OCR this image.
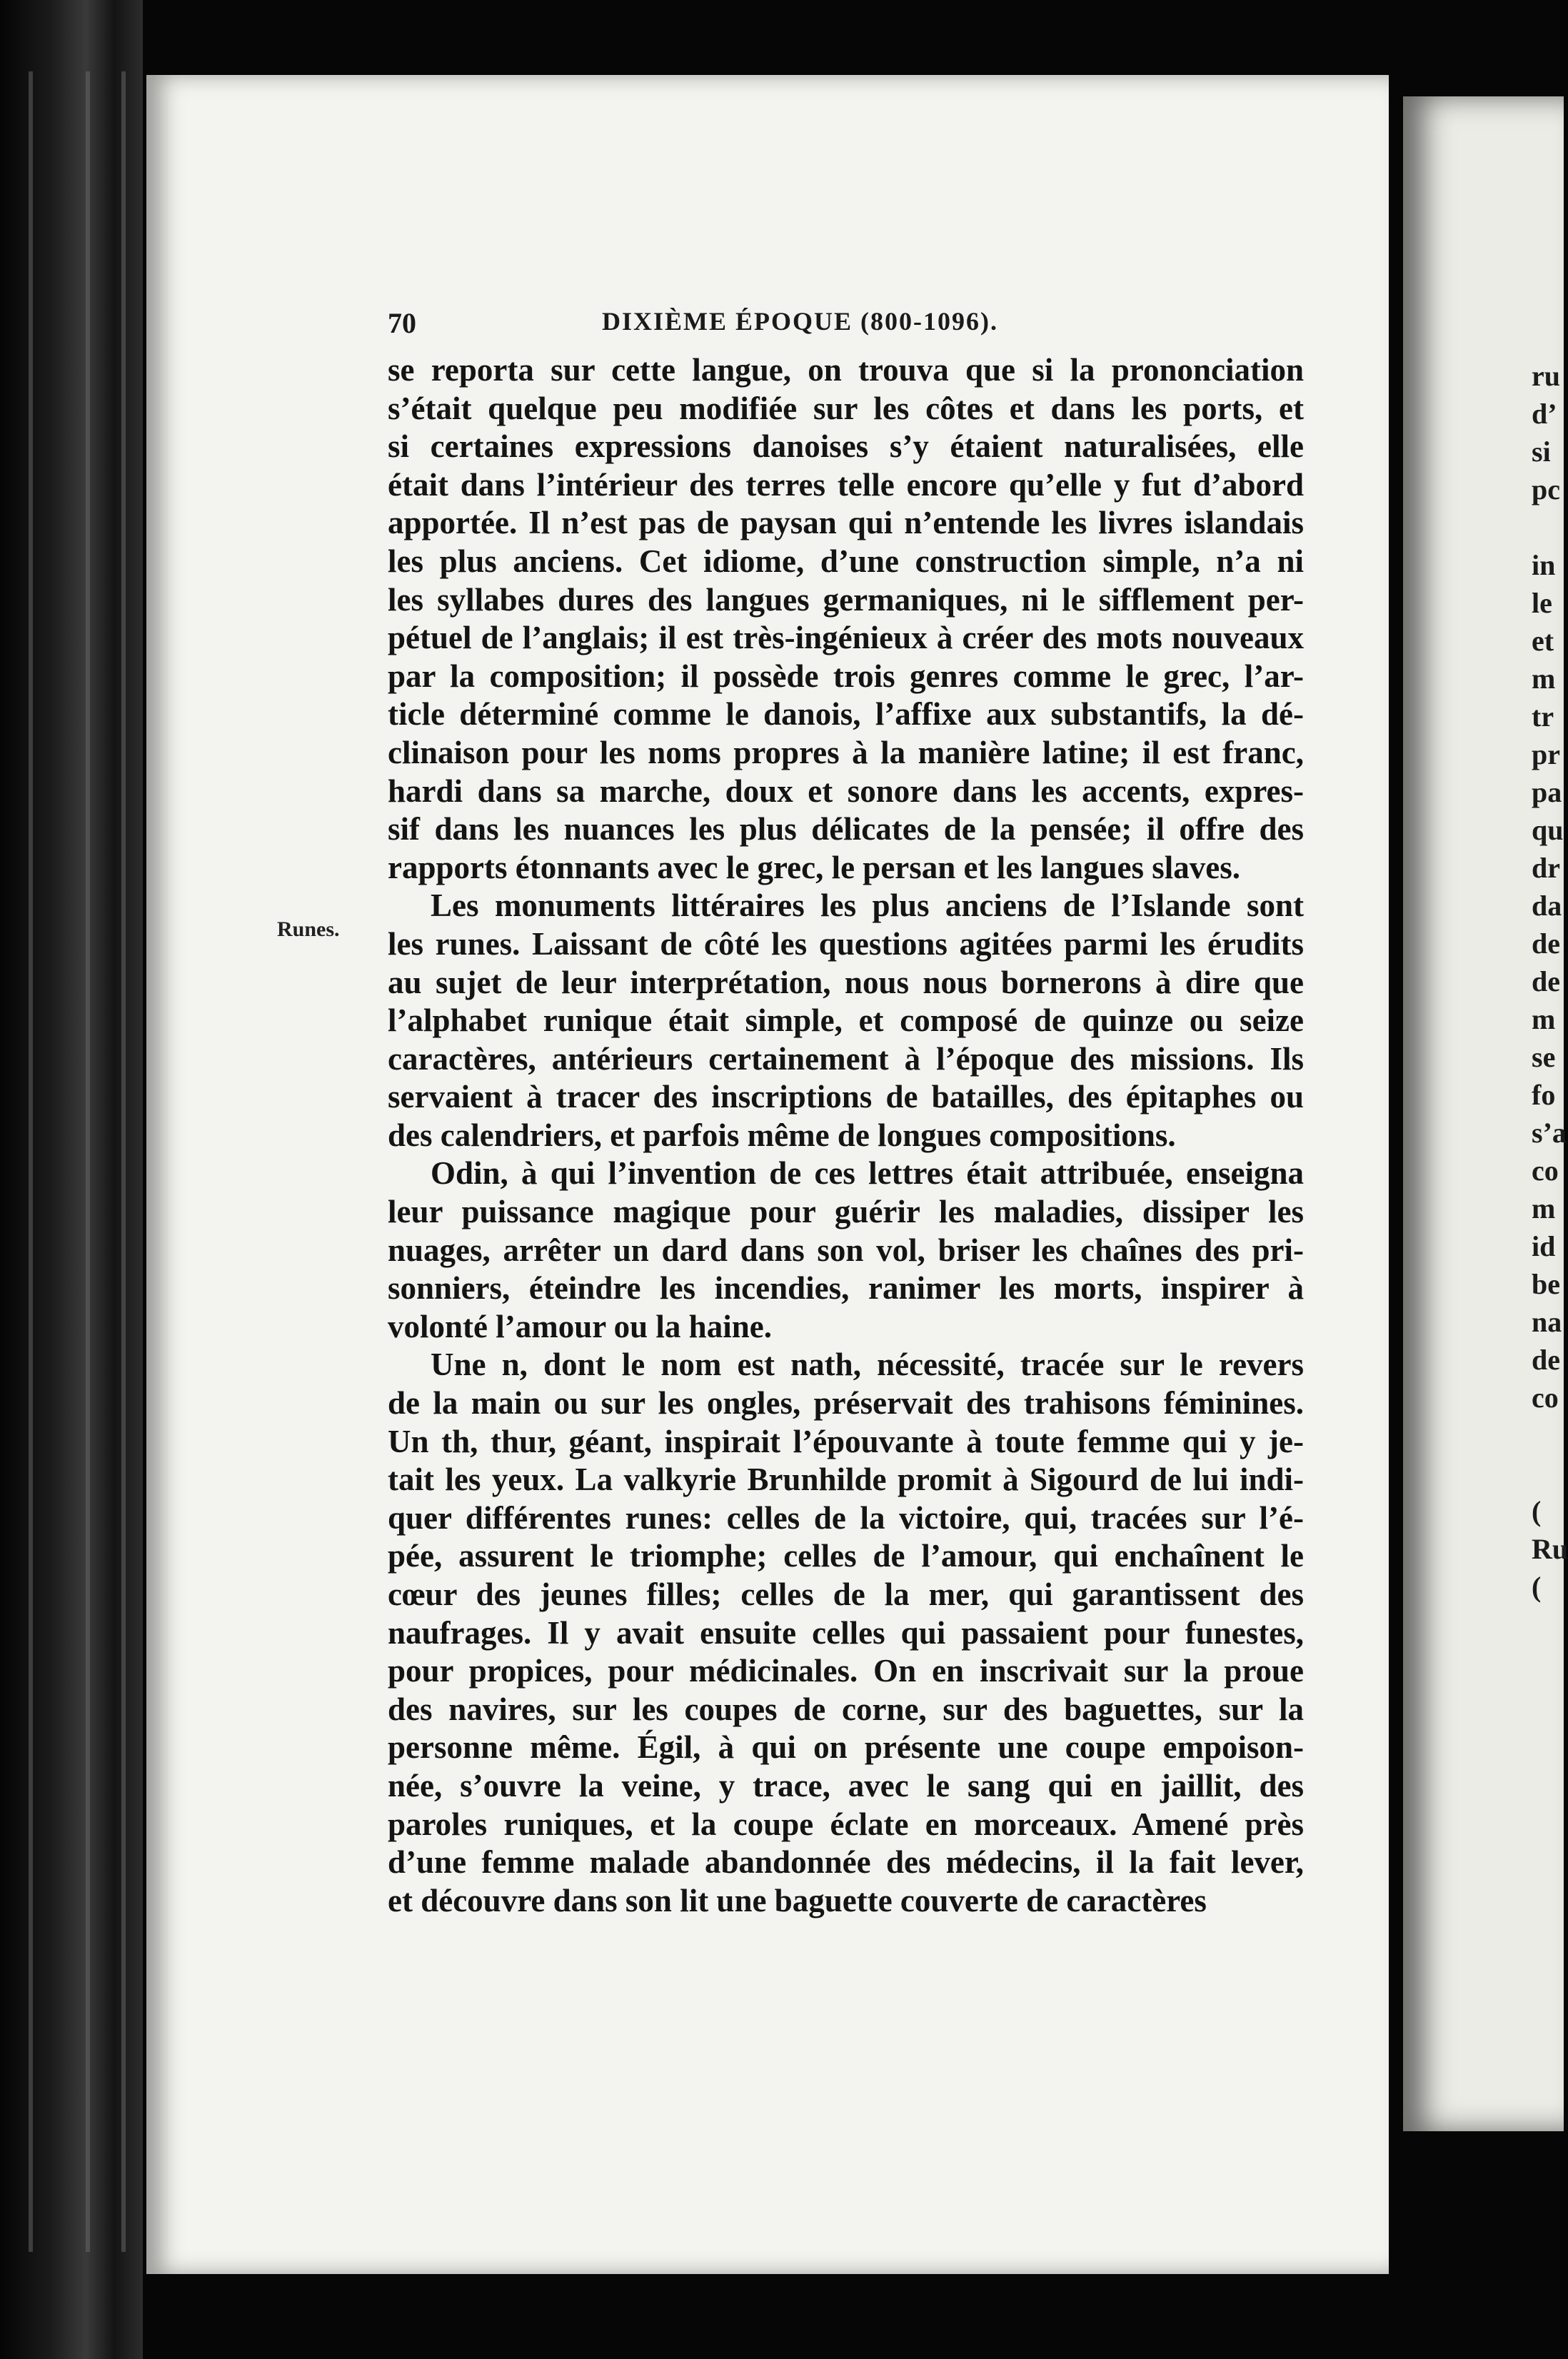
ru
d’
si
pc
in
le
et
m
tr
pr
pa
qu
dr
da
de
de
m
se
fo
s’a
co
m
id
be
na
de
co
(
Ru
(
70	DIXIÈME ÉPOQUE (800-1096).
Runes.

se reporta sur cette langue, on trouva que si la prononciation
s’était quelque peu modifiée sur les côtes et dans les ports, et
si certaines expressions danoises s’y étaient naturalisées, elle
était dans l’intérieur des terres telle encore qu’elle y fut d’abord
apportée. Il n’est pas de paysan qui n’entende les livres islandais
les plus anciens. Cet idiome, d’une construction simple, n’a ni
les syllabes dures des langues germaniques, ni le sifflement per-
pétuel de l’anglais; il est très-ingénieux à créer des mots nouveaux
par la composition; il possède trois genres comme le grec, l’ar-
ticle déterminé comme le danois, l’affixe aux substantifs, la dé-
clinaison pour les noms propres à la manière latine; il est franc,
hardi dans sa marche, doux et sonore dans les accents, expres-
sif dans les nuances les plus délicates de la pensée; il offre des
rapports étonnants avec le grec, le persan et les langues slaves.

Les monuments littéraires les plus anciens de l’Islande sont
les runes. Laissant de côté les questions agitées parmi les érudits
au sujet de leur interprétation, nous nous bornerons à dire que
l’alphabet runique était simple, et composé de quinze ou seize
caractères, antérieurs certainement à l’époque des missions. Ils
servaient à tracer des inscriptions de batailles, des épitaphes ou
des calendriers, et parfois même de longues compositions.

Odin, à qui l’invention de ces lettres était attribuée, enseigna
leur puissance magique pour guérir les maladies, dissiper les
nuages, arrêter un dard dans son vol, briser les chaînes des pri-
sonniers, éteindre les incendies, ranimer les morts, inspirer à
volonté l’amour ou la haine.

Une n, dont le nom est nath, nécessité, tracée sur le revers
de la main ou sur les ongles, préservait des trahisons féminines.
Un th, thur, géant, inspirait l’épouvante à toute femme qui y je-
tait les yeux. La valkyrie Brunhilde promit à Sigourd de lui indi-
quer différentes runes: celles de la victoire, qui, tracées sur l’é-
pée, assurent le triomphe; celles de l’amour, qui enchaînent le
cœur des jeunes filles; celles de la mer, qui garantissent des
naufrages. Il y avait ensuite celles qui passaient pour funestes,
pour propices, pour médicinales. On en inscrivait sur la proue
des navires, sur les coupes de corne, sur des baguettes, sur la
personne même. Égil, à qui on présente une coupe empoison-
née, s’ouvre la veine, y trace, avec le sang qui en jaillit, des
paroles runiques, et la coupe éclate en morceaux. Amené près
d’une femme malade abandonnée des médecins, il la fait lever,
et découvre dans son lit une baguette couverte de caractères
